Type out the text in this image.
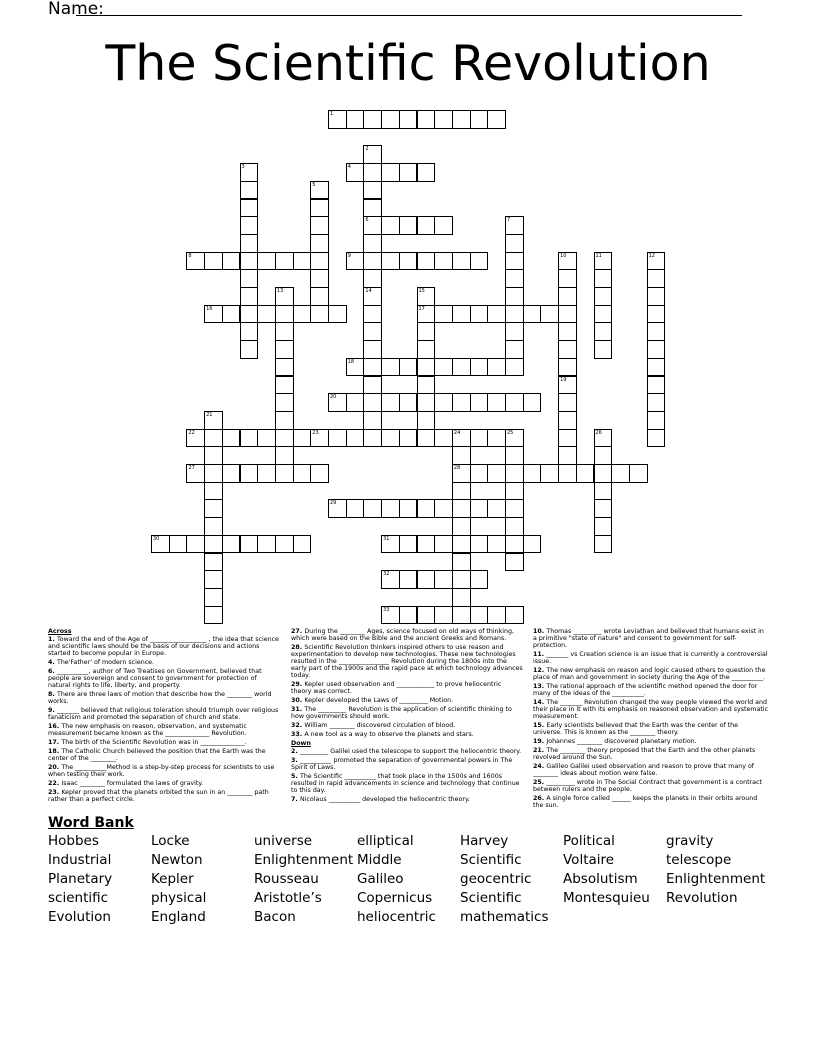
Name:
The Scientific Revolution
1
2
3	4
5
6	7
8	9	10	11	12
13	14	15
16	17
18
19
20
21
22	23	24	25	26
27	28
29
30	31
32
33
Across
1. Toward the end of the Age of __________________ , the idea that science and scientific laws should be the basis of our decisions and actions started to become popular in Europe.
4. The'Father' of modern science.
6. __________, author of Two Treatises on Government, believed that people are sovereign and consent to government for protection of natural rights to life, liberty, and property.
8. There are three laws of motion that describe how the ________ world works.
9. _______ believed that religious toleration should triumph over religious fanaticism and promoted the separation of church and state.
16. The new emphasis on reason, observation, and systematic measurement became known as the ______________ Revolution.
17. The birth of the Scientific Revolution was in ______________.
18. The Catholic Church believed the position that the Earth was the center of the ________.
20. The __________Method is a step-by-step process for scientists to use when testing their work.
22. Isaac ________ formulated the laws of gravity.
23. Kepler proved that the planets orbited the sun in an ________ path rather than a perfect circle.
27. During the ________ Ages, science focused on old ways of thinking, which were based on the Bible and the ancient Greeks and Romans.
28. Scientific Revolution thinkers inspired others to use reason and experimentation to develop new technologies. These new technologies resulted in the ________________ Revolution during the 1800s into the early part of the 1900s and the rapid pace at which technology advances today.
29. Kepler used observation and ____________ to prove heliocentric theory was correct.
30. Kepler developed the Laws of _________ Motion.
31. The _________ Revolution is the application of scientific thinking to how governments should work.
32. William ________ discovered circulation of blood.
33. A new tool as a way to observe the planets and stars.
Down
2. _________ Galilei used the telescope to support the heliocentric theory.
3. __________ promoted the separation of governmental powers in The Spirit of Laws.
5. The Scientific __________ that took place in the 1500s and 1600s resulted in rapid advancements in science and technology that continue to this day.
7. Nicolaus __________ developed the heliocentric theory.
10. Thomas _________ wrote Leviathan and believed that humans exist in a primitive "state of nature" and consent to government for self-protection.
11. _______ vs Creation science is an issue that is currently a controversial issue.
12. The new emphasis on reason and logic caused others to question the place of man and government in society during the Age of the __________.
13. The rational approach of the scientific method opened the door for many of the ideas of the __________.
14. The _______ Revolution changed the way people viewed the world and their place in it with its emphasis on reasoned observation and systematic measurement.
15. Early scientists believed that the Earth was the center of the universe. This is known as the ________ theory.
19. Johannes ________ discovered planetary motion.
21. The ________ theory proposed that the Earth and the other planets revolved around the Sun.
24. Galileo Galilei used observation and reason to prove that many of ________ ideas about motion were false.
25. _________ wrote in The Social Contract that government is a contract between rulers and the people.
26. A single force called ______ keeps the planets in their orbits around the sun.
Word Bank
Hobbes
Industrial
Planetary
scientific
Evolution
Locke
Newton
Kepler
physical
England
universe
Enlightenment
Rousseau
Aristotle’s
Bacon
elliptical
Middle
Galileo
Copernicus
heliocentric
Harvey
Scientific
geocentric
Scientific
mathematics
Political
Voltaire
Absolutism
Montesquieu
gravity
telescope
Enlightenment
Revolution
